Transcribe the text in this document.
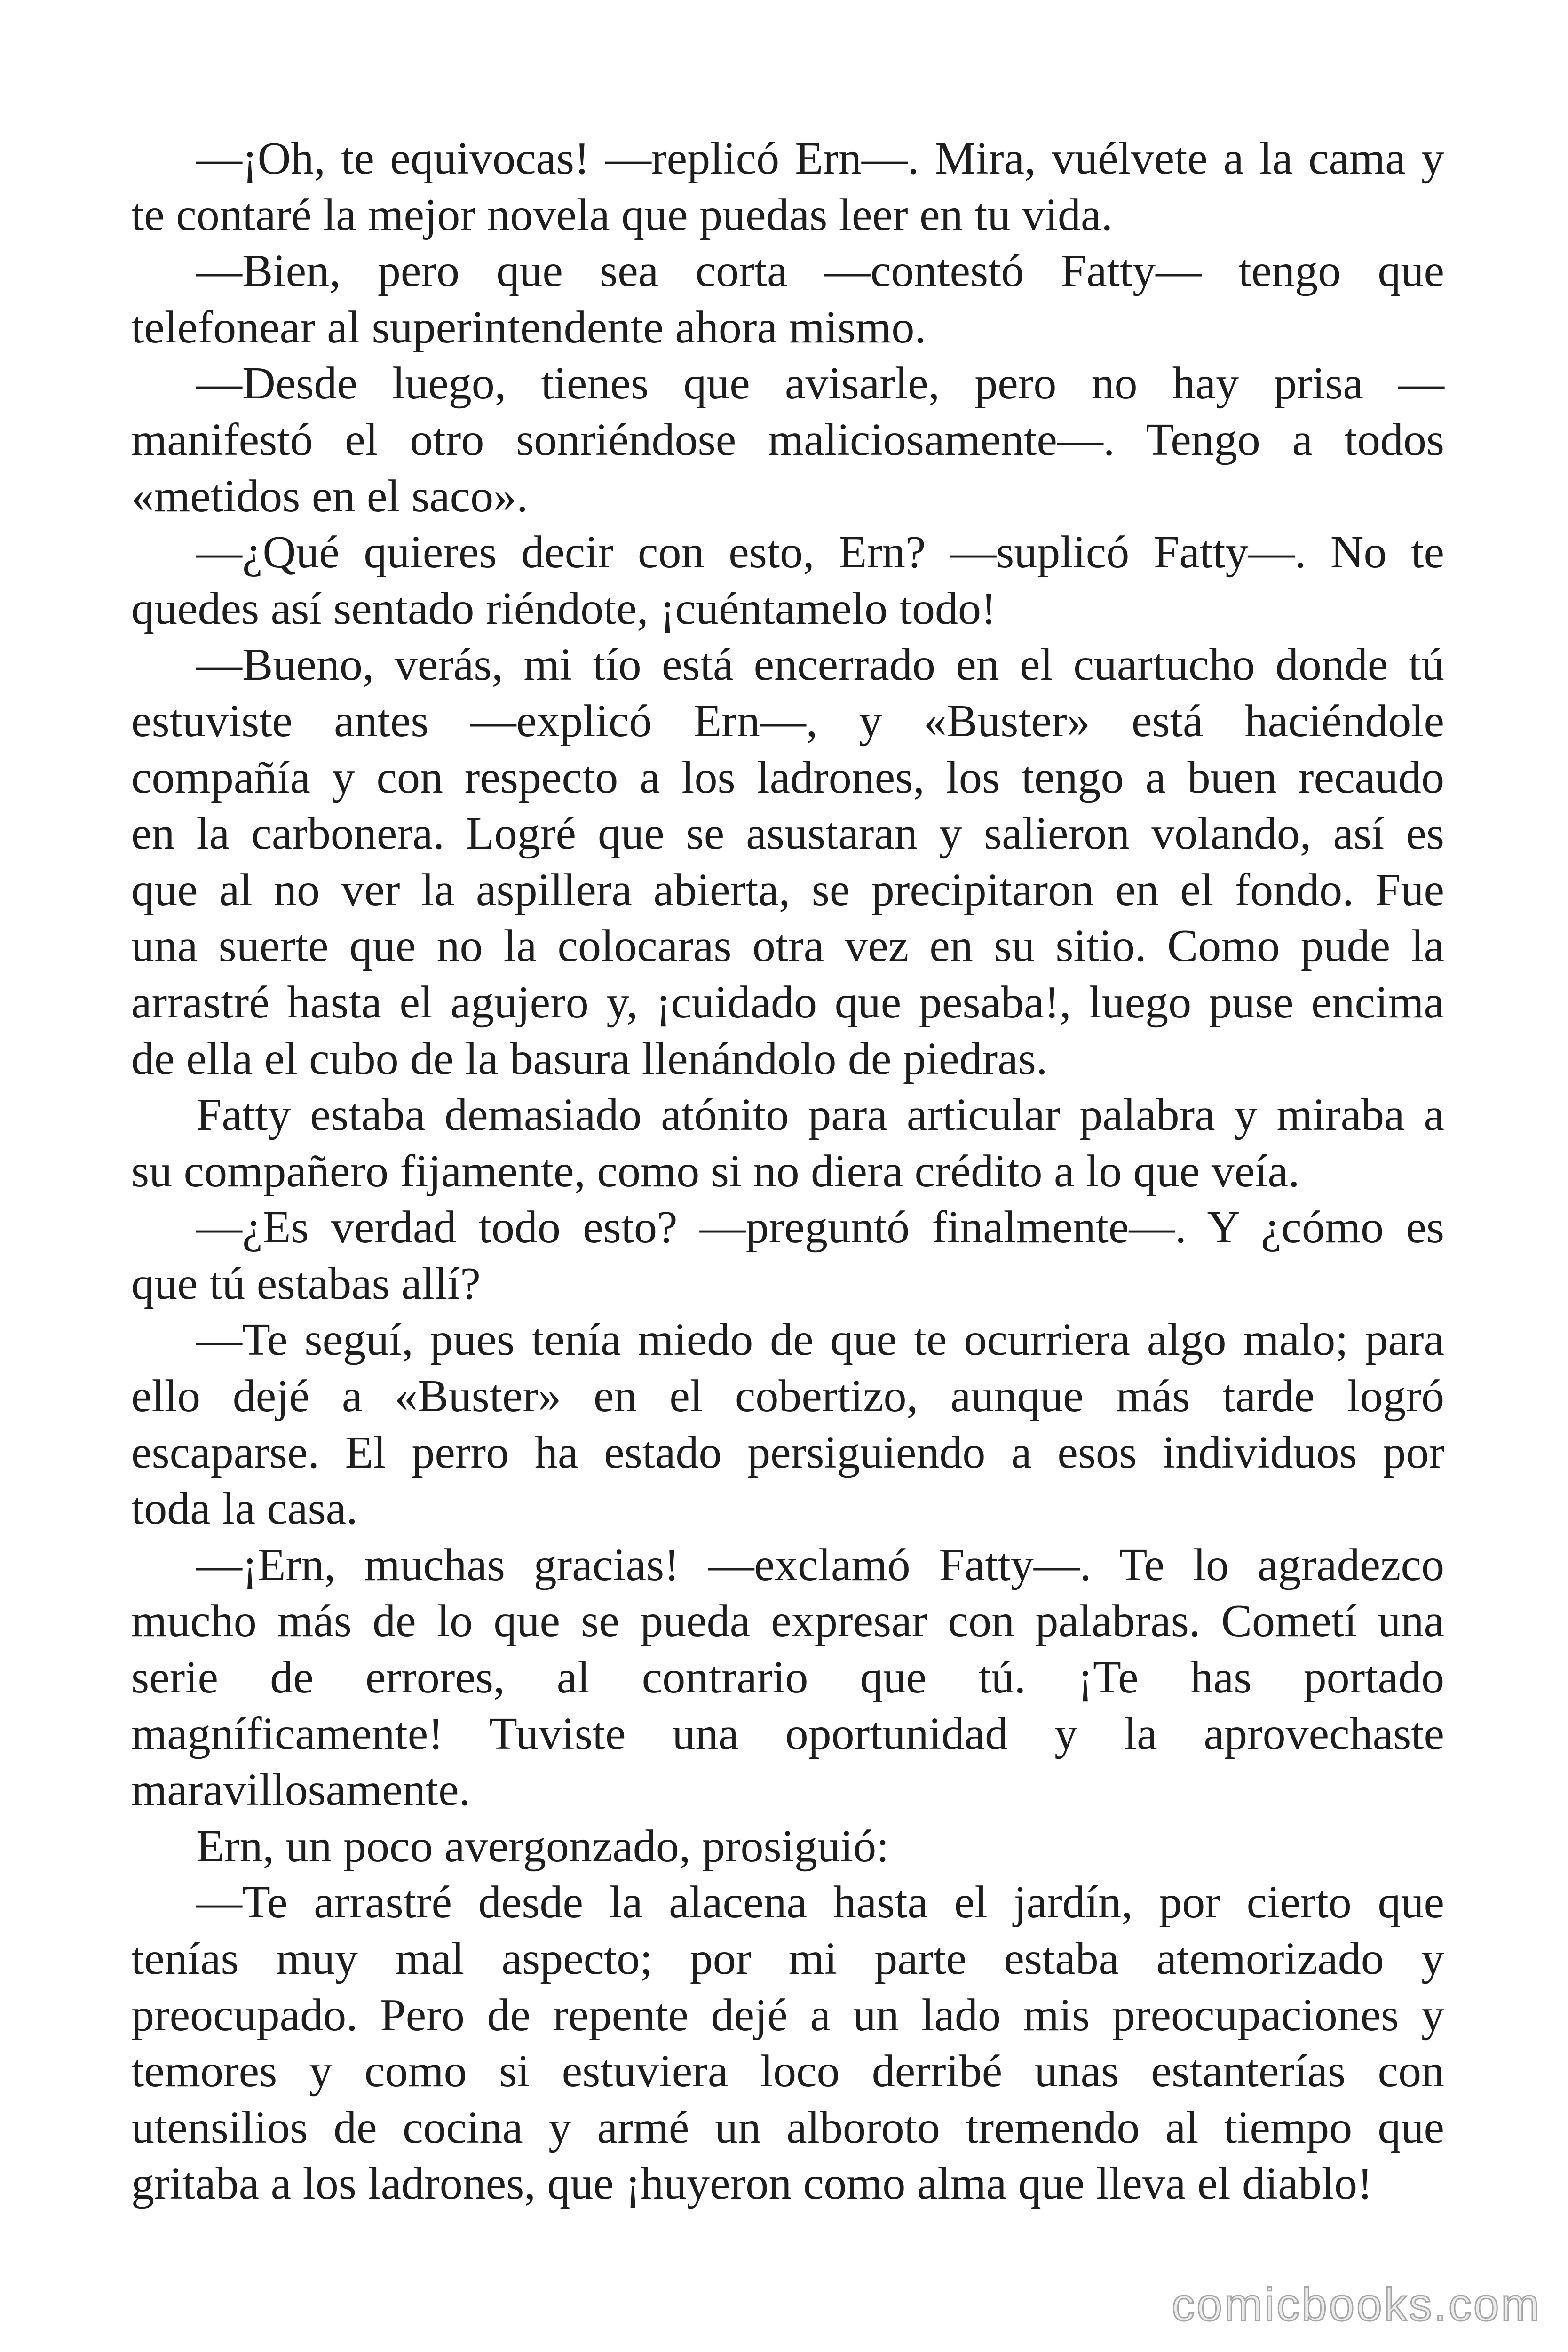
—¡Oh, te equivocas! —replicó Ern—. Mira, vuélvete a la cama y
te contaré la mejor novela que puedas leer en tu vida.

—Bien, pero que sea corta —contestó Fatty— tengo que
telefonear al superintendente ahora mismo.

—Desde luego, tienes que avisarle, pero no hay prisa —
manifestó el otro sonriéndose maliciosamente—. Tengo a todos
«metidos en el saco».

—¿Qué quieres decir con esto, Ern? —suplicó Fatty—. No te
quedes así sentado riéndote, ¡cuéntamelo todo!

—Bueno, verás, mi tío está encerrado en el cuartucho donde tú
estuviste antes —explicó Ern—, y «Buster» está haciéndole
compañía y con respecto a los ladrones, los tengo a buen recaudo
en la carbonera. Logré que se asustaran y salieron volando, así es
que al no ver la aspillera abierta, se precipitaron en el fondo. Fue
una suerte que no la colocaras otra vez en su sitio. Como pude la
arrastré hasta el agujero y, ¡cuidado que pesaba!, luego puse encima
de ella el cubo de la basura llenándolo de piedras.

Fatty estaba demasiado atónito para articular palabra y miraba a
su compañero fijamente, como si no diera crédito a lo que veía.

—¿Es verdad todo esto? —preguntó finalmente—. Y ¿cómo es
que tú estabas allí?

—Te seguí, pues tenía miedo de que te ocurriera algo malo; para
ello dejé a «Buster» en el cobertizo, aunque más tarde logró
escaparse. El perro ha estado persiguiendo a esos individuos por
toda la casa.

—¡Ern, muchas gracias! —exclamó Fatty—. Te lo agradezco
mucho más de lo que se pueda expresar con palabras. Cometí una
serie de errores, al contrario que tú. ¡Te has portado
magníficamente! Tuviste una oportunidad y la aprovechaste
maravillosamente.

Ern, un poco avergonzado, prosiguió:

—Te arrastré desde la alacena hasta el jardín, por cierto que
tenías muy mal aspecto; por mi parte estaba atemorizado y
preocupado. Pero de repente dejé a un lado mis preocupaciones y
temores y como si estuviera loco derribé unas estanterías con
utensilios de cocina y armé un alboroto tremendo al tiempo que
gritaba a los ladrones, que ¡huyeron como alma que lleva el diablo!

comicbooks.com
